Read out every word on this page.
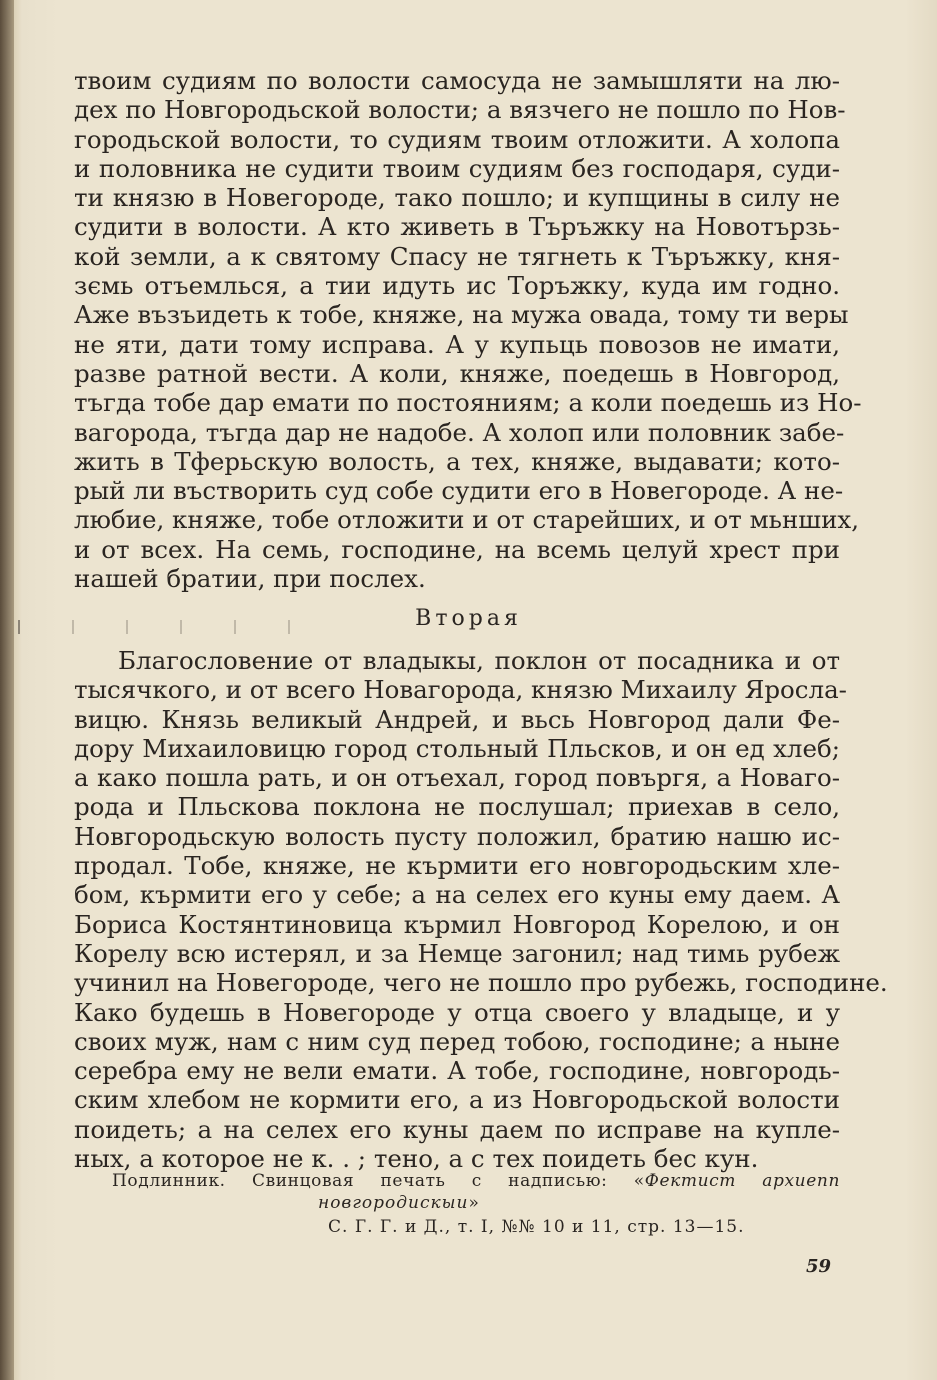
твоим судиям по волости самосуда не замышляти на лю-
дех по Новгородьской волости; а вязчего не пошло по Нов-
городьской волости, то судиям твоим отложити. А холопа
и половника не судити твоим судиям без господаря, суди-
ти князю в Новегороде, тако пошло; и купщины в силу не
судити в волости. А кто живеть в Търъжку на Новотързь-
кой земли, а к святому Спасу не тягнеть к Търъжку, кня-
зємь отъемлься, а тии идуть ис Торъжку, куда им годно.
Аже възъидеть к тобе, княже, на мужа овада, тому ти веры
не яти, дати тому исправа. А у купьць повозов не имати,
разве ратной вести. А коли, княже, поедешь в Новгород,
тъгда тобе дар емати по постояниям; а коли поедешь из Но-
вагорода, тъгда дар не надобе. А холоп или половник забе-
жить в Тфеpьскую волость, а тех, княже, выдавати; кото-
рый ли въстворить суд собе судити его в Новегороде. А не-
любие, княже, тобе отложити и от старейших, и от мьнших,
и от всех. На семь, господине, на всемь целуй хрест при
нашей братии, при послех.
Вторая
Благословение от владыкы, поклон от посадника и от
тысячкого, и от всего Новагорода, князю Михаилу Яросла-
вицю. Князь великый Андрей, и вьсь Новгород дали Фе-
дору Михаиловицю город стольный Пльсков, и он ед хлеб;
а како пошла рать, и он отъехал, город повъргя, а Новаго-
рода и Пльскова поклона не послушал; приехав в село,
Новгородьскую волость пусту положил, братию нашю ис-
продал. Тобе, княже, не кърмити его новгородьским хле-
бом, кърмити его у себе; а на селех его куны ему даем. А
Бориса Костянтиновица кърмил Новгород Корелою, и он
Корелу всю истерял, и за Немце загонил; над тимь рубеж
учинил на Новегороде, чего не пошло про рубежь, господине.
Како будешь в Новегороде у отца своего у владыце, и у
своих муж, нам с ним суд перед тобою, господине; а ныне
серебра ему не вели емати. А тобе, господине, новгородь-
ским хлебом не кормити его, а из Новгородьской волости
поидеть; а на селех его куны даем по исправе на купле-
ных, а которое не к. . ; тено, а с тех поидеть бес кун.
Подлинник. Свинцовая печать с надписью: «Фектист архиепп
новгородискыи»
С. Г. Г. и Д., т. I, №№ 10 и 11, стр. 13—15.
59
